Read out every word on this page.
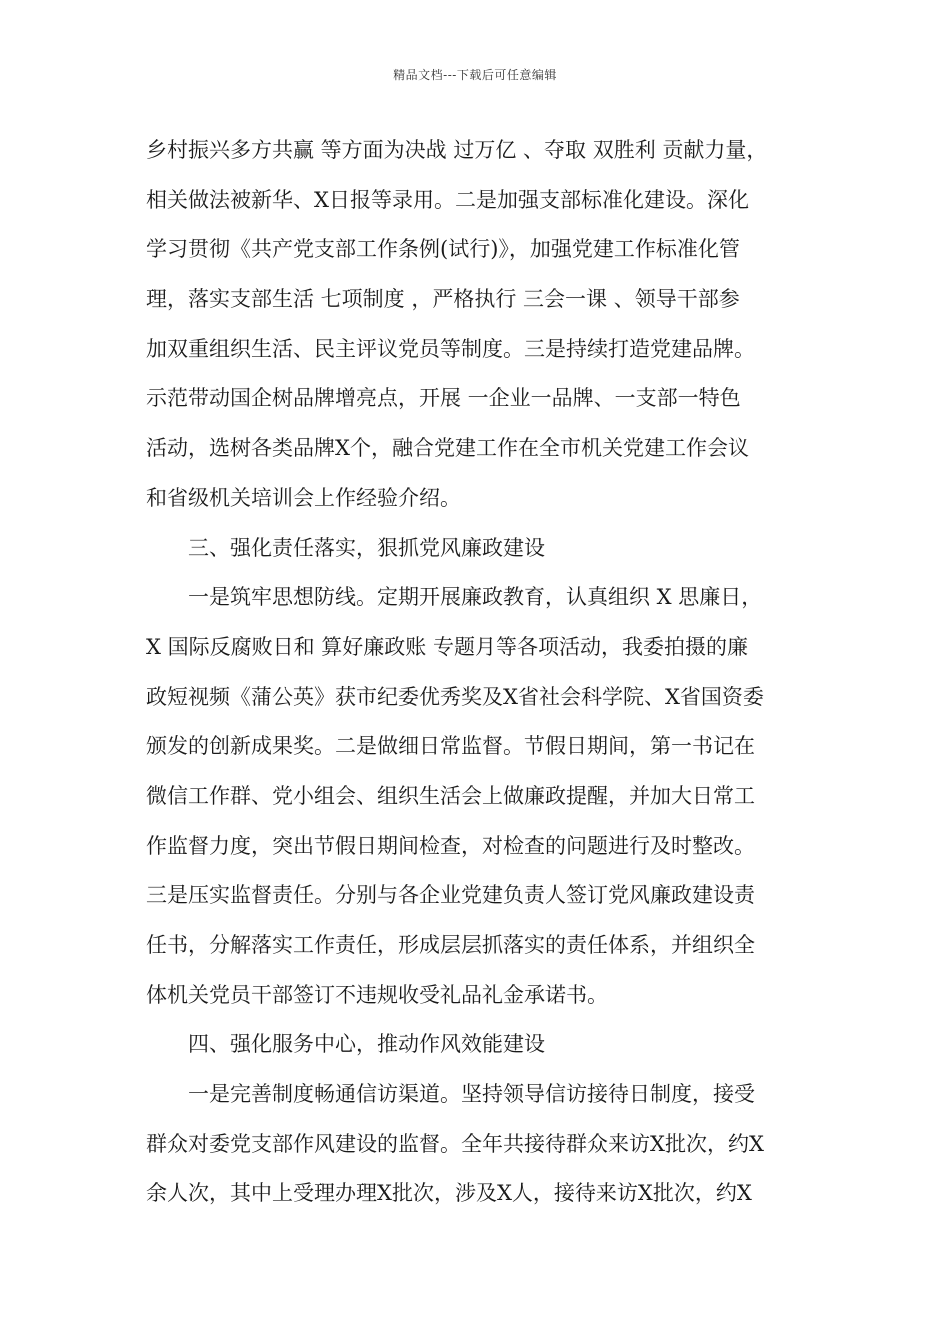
精品文档---下载后可任意编辑
乡村振兴多方共赢 等方面为决战 过万亿 、夺取 双胜利 贡献力量，
相关做法被新华、X日报等录用。二是加强支部标准化建设。深化
学习贯彻《共产党支部工作条例(试行)》，加强党建工作标准化管
理，落实支部生活 七项制度 ，严格执行 三会一课 、领导干部参
加双重组织生活、民主评议党员等制度。三是持续打造党建品牌。
示范带动国企树品牌增亮点，开展 一企业一品牌、一支部一特色
活动，选树各类品牌X个，融合党建工作在全市机关党建工作会议
和省级机关培训会上作经验介绍。
三、强化责任落实，狠抓党风廉政建设
一是筑牢思想防线。定期开展廉政教育，认真组织 X 思廉日，
X 国际反腐败日和 算好廉政账 专题月等各项活动，我委拍摄的廉
政短视频《蒲公英》获市纪委优秀奖及X省社会科学院、X省国资委
颁发的创新成果奖。二是做细日常监督。节假日期间，第一书记在
微信工作群、党小组会、组织生活会上做廉政提醒，并加大日常工
作监督力度，突出节假日期间检查，对检查的问题进行及时整改。
三是压实监督责任。分别与各企业党建负责人签订党风廉政建设责
任书，分解落实工作责任，形成层层抓落实的责任体系，并组织全
体机关党员干部签订不违规收受礼品礼金承诺书。
四、强化服务中心，推动作风效能建设
一是完善制度畅通信访渠道。坚持领导信访接待日制度，接受
群众对委党支部作风建设的监督。全年共接待群众来访X批次，约X
余人次，其中上受理办理X批次，涉及X人，接待来访X批次，约X
